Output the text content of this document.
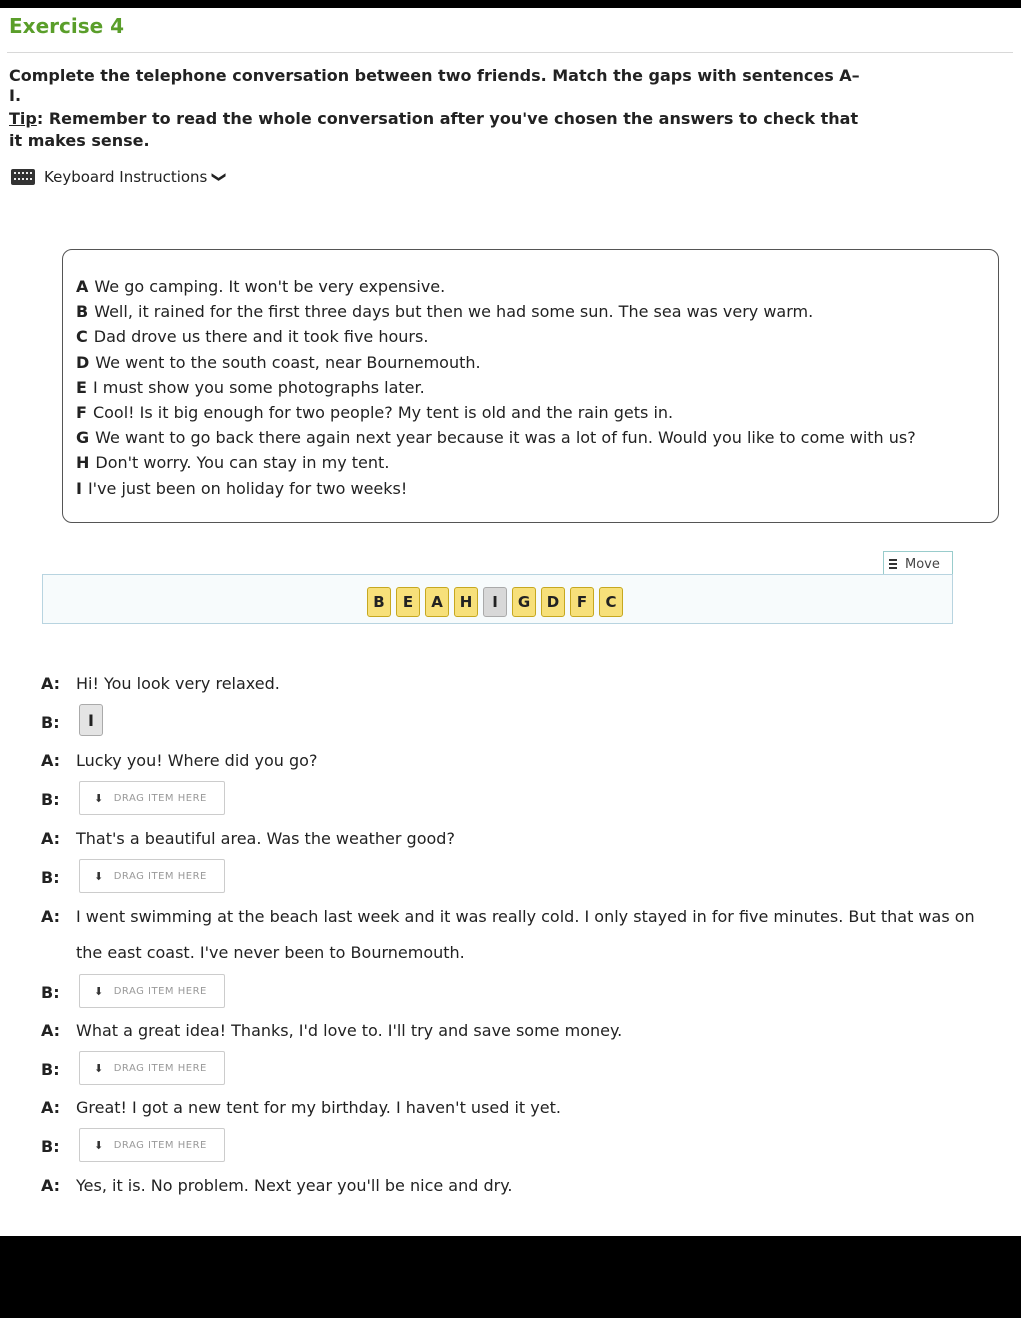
Exercise 4
Complete the telephone conversation between two friends. Match the gaps with sentences A–I.
Tip: Remember to read the whole conversation after you've chosen the answers to check that it makes sense.
Keyboard Instructions ❯
A We go camping. It won't be very expensive.
B Well, it rained for the first three days but then we had some sun. The sea was very warm.
C Dad drove us there and it took five hours.
D We went to the south coast, near Bournemouth.
E I must show you some photographs later.
F Cool! Is it big enough for two people? My tent is old and the rain gets in.
G We want to go back there again next year because it was a lot of fun. Would you like to come with us?
H Don't worry. You can stay in my tent.
I I've just been on holiday for two weeks!
Move
B	E	A	H	I	G	D	F	C
A: Hi! You look very relaxed.
B:	I
A: Lucky you! Where did you go?
B:	⬇ DRAG ITEM HERE
A: That's a beautiful area. Was the weather good?
B:	⬇ DRAG ITEM HERE
A: I went swimming at the beach last week and it was really cold. I only stayed in for five minutes. But that was on
the east coast. I've never been to Bournemouth.
B:	⬇ DRAG ITEM HERE
A: What a great idea! Thanks, I'd love to. I'll try and save some money.
B:	⬇ DRAG ITEM HERE
A: Great! I got a new tent for my birthday. I haven't used it yet.
B:	⬇ DRAG ITEM HERE
A: Yes, it is. No problem. Next year you'll be nice and dry.
